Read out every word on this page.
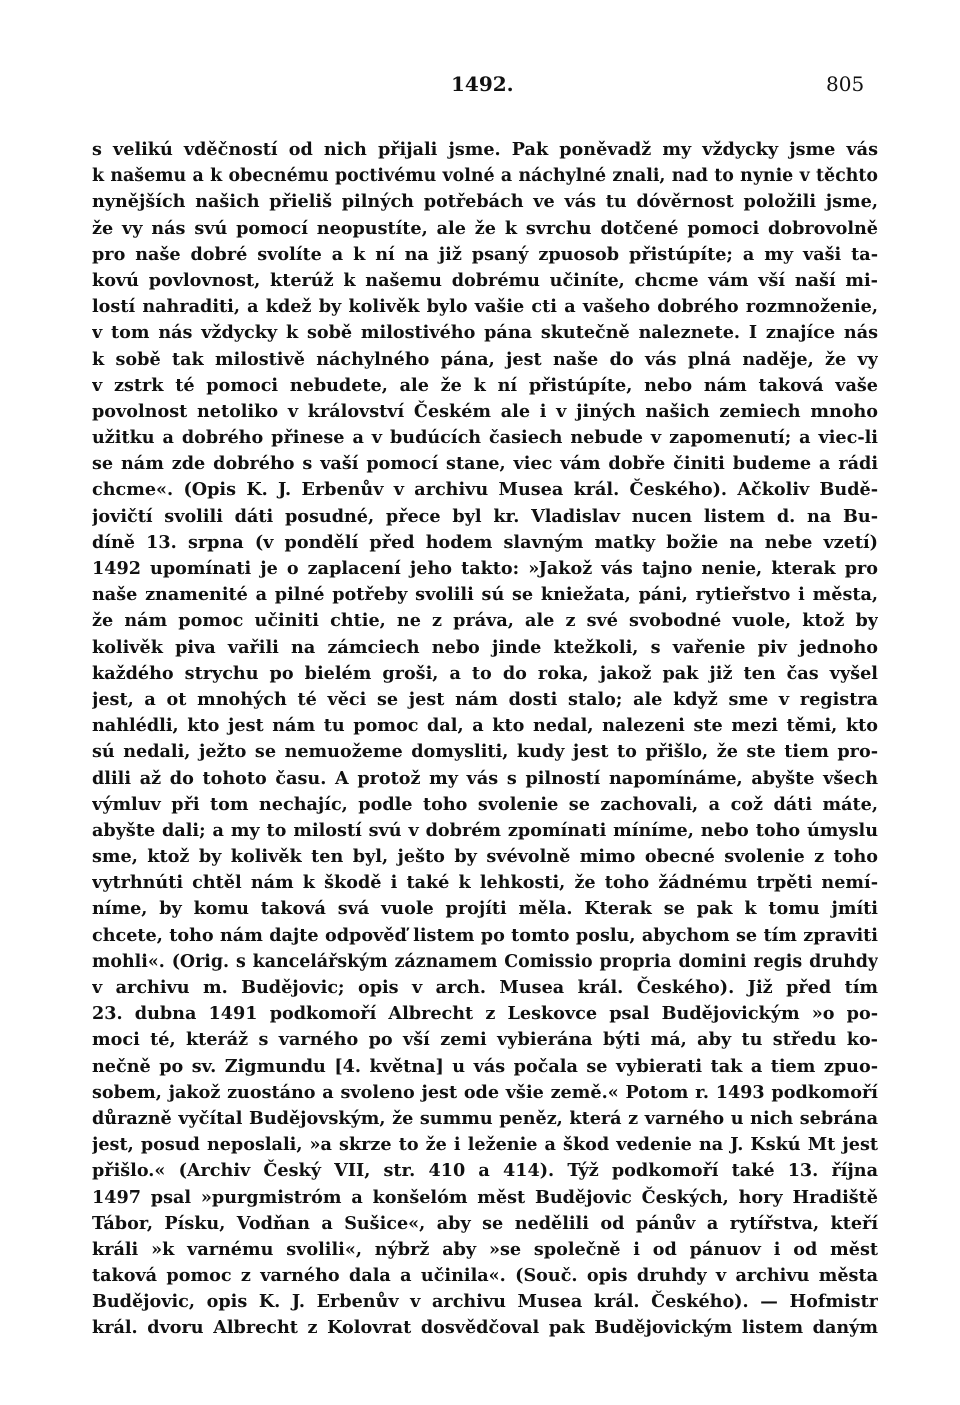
1492.	805
s velikú vděčností od nich přijali jsme. Pak poněvadž my vždycky jsme vás
k našemu a k obecnému poctivému volné a náchylné znali, nad to nynie v těchto
nynějších našich přieliš pilných potřebách ve vás tu dóvěrnost položili jsme,
že vy nás svú pomocí neopustíte, ale že k svrchu dotčené pomoci dobrovolně
pro naše dobré svolíte a k ní na již psaný zpuosob přistúpíte; a my vaši ta-
kovú povlovnost, kterúž k našemu dobrému učiníte, chcme vám vší naší mi-
lostí nahraditi, a kdež by kolivěk bylo vašie cti a vašeho dobrého rozmnoženie,
v tom nás vždycky k sobě milostivého pána skutečně naleznete. I znajíce nás
k sobě tak milostivě náchylného pána, jest naše do vás plná naděje, že vy
v zstrk té pomoci nebudete, ale že k ní přistúpíte, nebo nám taková vaše
povolnost netoliko v království Českém ale i v jiných našich zemiech mnoho
užitku a dobrého přinese a v budúcích časiech nebude v zapomenutí; a viec-li
se nám zde dobrého s vaší pomocí stane, viec vám dobře činiti budeme a rádi
chcme«. (Opis K. J. Erbenův v archivu Musea král. Českého). Ačkoliv Budě-
jovičtí svolili dáti posudné, přece byl kr. Vladislav nucen listem d. na Bu-
díně 13. srpna (v pondělí před hodem slavným matky božie na nebe vzetí)
1492 upomínati je o zaplacení jeho takto: »Jakož vás tajno nenie, kterak pro
naše znamenité a pilné potřeby svolili sú se kniežata, páni, rytieřstvo i města,
že nám pomoc učiniti chtie, ne z práva, ale z své svobodné vuole, ktož by
kolivěk piva vařili na zámciech nebo jinde ktežkoli, s vařenie piv jednoho
každého strychu po bielém groši, a to do roka, jakož pak již ten čas vyšel
jest, a ot mnohých té věci se jest nám dosti stalo; ale když sme v registra
nahlédli, kto jest nám tu pomoc dal, a kto nedal, nalezeni ste mezi těmi, kto
sú nedali, ježto se nemuožeme domysliti, kudy jest to přišlo, že ste tiem pro-
dlili až do tohoto času. A protož my vás s pilností napomínáme, abyšte všech
výmluv při tom nechajíc, podle toho svolenie se zachovali, a což dáti máte,
abyšte dali; a my to milostí svú v dobrém zpomínati míníme, nebo toho úmyslu
sme, ktož by kolivěk ten byl, ješto by svévolně mimo obecné svolenie z toho
vytrhnúti chtěl nám k škodě i také k lehkosti, že toho žádnému trpěti nemí-
níme, by komu taková svá vuole projíti měla. Kterak se pak k tomu jmíti
chcete, toho nám dajte odpověď listem po tomto poslu, abychom se tím zpraviti
mohli«. (Orig. s kancelářským záznamem Comissio propria domini regis druhdy
v archivu m. Budějovic; opis v arch. Musea král. Českého). Již před tím
23. dubna 1491 podkomoří Albrecht z Leskovce psal Budějovickým »o po-
moci té, kteráž s varného po vší zemi vybierána býti má, aby tu středu ko-
nečně po sv. Zigmundu [4. května] u vás počala se vybierati tak a tiem zpuo-
sobem, jakož zuostáno a svoleno jest ode všie země.« Potom r. 1493 podkomoří
důrazně vyčítal Budějovským, že summu peněz, která z varného u nich sebrána
jest, posud neposlali, »a skrze to že i leženie a škod vedenie na J. Kskú Mt jest
přišlo.« (Archiv Český VII, str. 410 a 414). Týž podkomoří také 13. října
1497 psal »purgmistróm a konšelóm měst Budějovic Českých, hory Hradiště
Tábor, Písku, Vodňan a Sušice«, aby se nedělili od pánův a rytířstva, kteří
králi »k varnému svolili«, nýbrž aby »se společně i od pánuov i od měst
taková pomoc z varného dala a učinila«. (Souč. opis druhdy v archivu města
Budějovic, opis K. J. Erbenův v archivu Musea král. Českého). — Hofmistr
král. dvoru Albrecht z Kolovrat dosvědčoval pak Budějovickým listem daným
